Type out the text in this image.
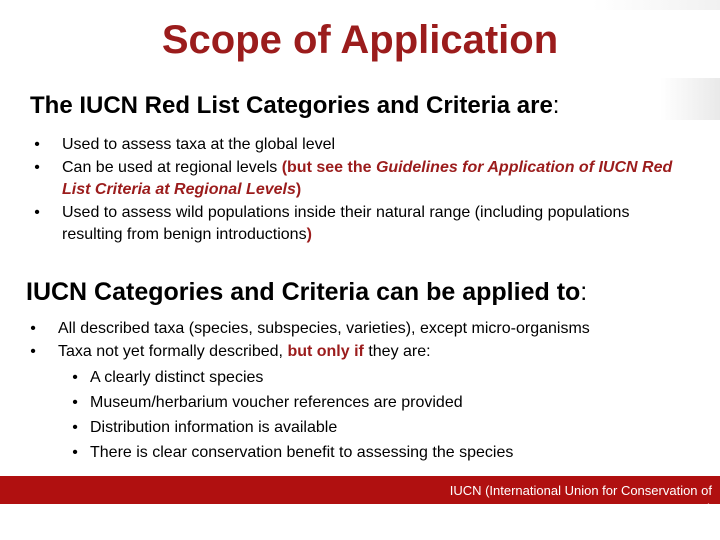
Scope of Application
The IUCN Red List Categories and Criteria are:
• Used to assess taxa at the global level
• Can be used at regional levels (but see the Guidelines for Application of IUCN Red List Criteria at Regional Levels)
• Used to assess wild populations inside their natural range (including populations resulting from benign introductions)
IUCN Categories and Criteria can be applied to:
• All described taxa (species, subspecies, varieties), except micro-organisms
• Taxa not yet formally described, but only if they are:
• A clearly distinct species
• Museum/herbarium voucher references are provided
• Distribution information is available
• There is clear conservation benefit to assessing the species
IUCN (International Union for Conservation of Nature)
